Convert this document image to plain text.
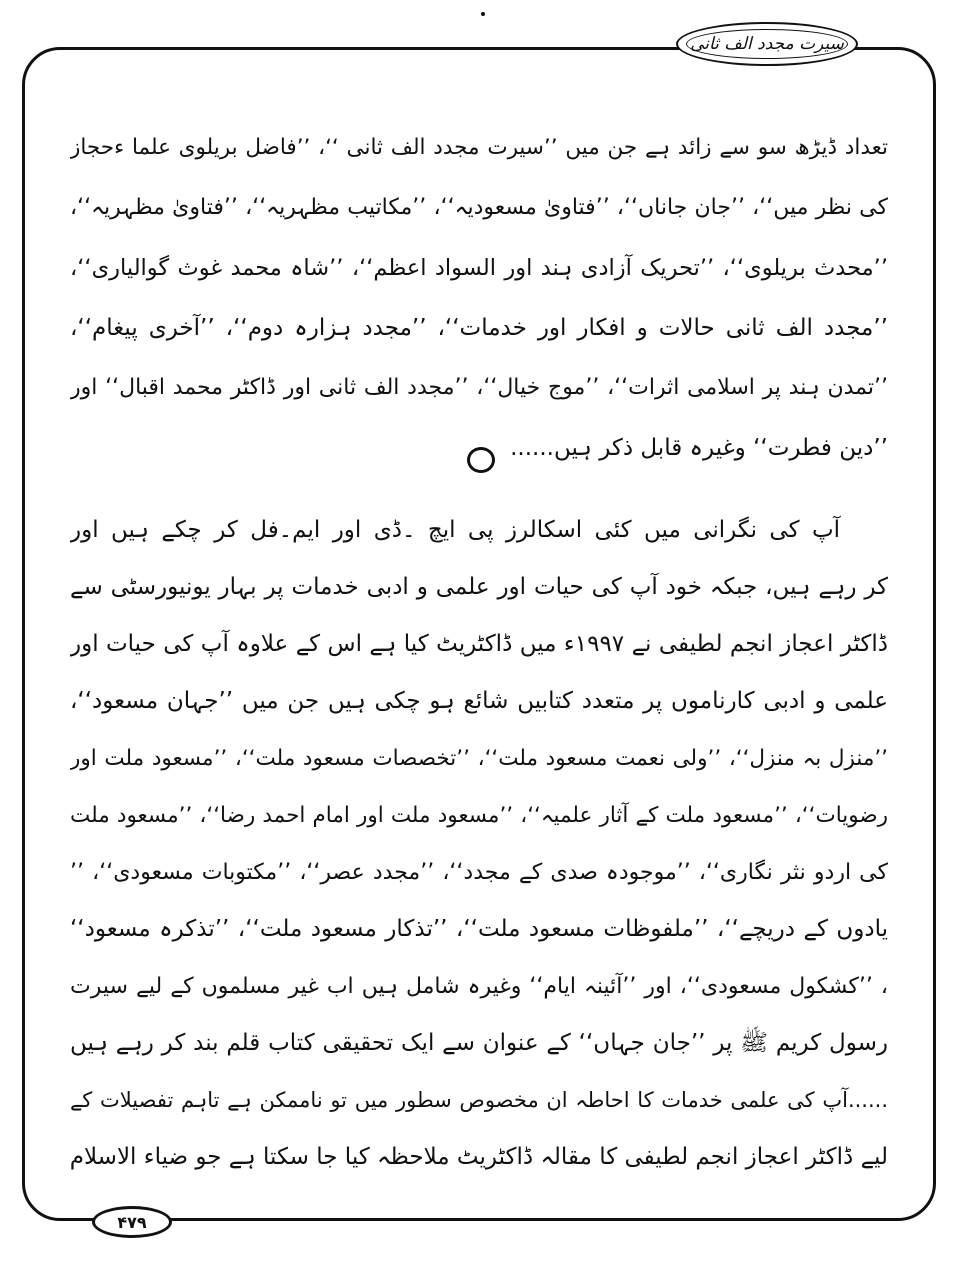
سیرت مجدد الف ثانی
تعداد ڈیڑھ سو سے زائد ہے جن میں ’’سیرت مجدد الف ثانی ‘‘، ’’فاضل بریلوی علما ءحجاز
کی نظر میں‘‘، ’’جان جاناں‘‘، ’’فتاویٰ مسعودیہ‘‘، ’’مکاتیب مظہریہ‘‘، ’’فتاویٰ مظہریہ‘‘،
’’محدث بریلوی‘‘، ’’تحریک آزادی ہند اور السواد اعظم‘‘، ’’شاہ محمد غوث گوالیاری‘‘،
’’مجدد الف ثانی حالات و افکار اور خدمات‘‘، ’’مجدد ہزارہ دوم‘‘، ’’آخری پیغام‘‘،
’’تمدن ہند پر اسلامی اثرات‘‘، ’’موج خیال‘‘، ’’مجدد الف ثانی اور ڈاکٹر محمد اقبال‘‘ اور
’’دین فطرت‘‘ وغیرہ قابل ذکر ہیں......
آپ کی نگرانی میں کئی اسکالرز پی ایچ ۔ڈی اور ایم۔فل کر چکے ہیں اور
کر رہے ہیں، جبکہ خود آپ کی حیات اور علمی و ادبی خدمات پر بہار یونیورسٹی سے
ڈاکٹر اعجاز انجم لطیفی نے ۱۹۹۷ء میں ڈاکٹریٹ کیا ہے اس کے علاوہ آپ کی حیات اور
علمی و ادبی کارناموں پر متعدد کتابیں شائع ہو چکی ہیں جن میں ’’جہان مسعود‘‘،
’’منزل بہ منزل‘‘، ’’ولی نعمت مسعود ملت‘‘، ’’تخصصات مسعود ملت‘‘، ’’مسعود ملت اور
رضویات‘‘، ’’مسعود ملت کے آثار علمیہ‘‘، ’’مسعود ملت اور امام احمد رضا‘‘، ’’مسعود ملت
کی اردو نثر نگاری‘‘، ’’موجودہ صدی کے مجدد‘‘، ’’مجدد عصر‘‘، ’’مکتوبات مسعودی‘‘، ’’
یادوں کے دریچے‘‘، ’’ملفوظات مسعود ملت‘‘، ’’تذکار مسعود ملت‘‘، ’’تذکرہ مسعود‘‘
، ’’کشکول مسعودی‘‘، اور ’’آئینہ ایام‘‘ وغیرہ شامل ہیں اب غیر مسلموں کے لیے سیرت
رسول کریم ﷺ پر ’’جان جہاں‘‘ کے عنوان سے ایک تحقیقی کتاب قلم بند کر رہے ہیں
......آپ کی علمی خدمات کا احاطہ ان مخصوص سطور میں تو ناممکن ہے تاہم تفصیلات کے
لیے ڈاکٹر اعجاز انجم لطیفی کا مقالہ ڈاکٹریٹ ملاحظہ کیا جا سکتا ہے جو ضیاء الاسلام
۴۷۹
